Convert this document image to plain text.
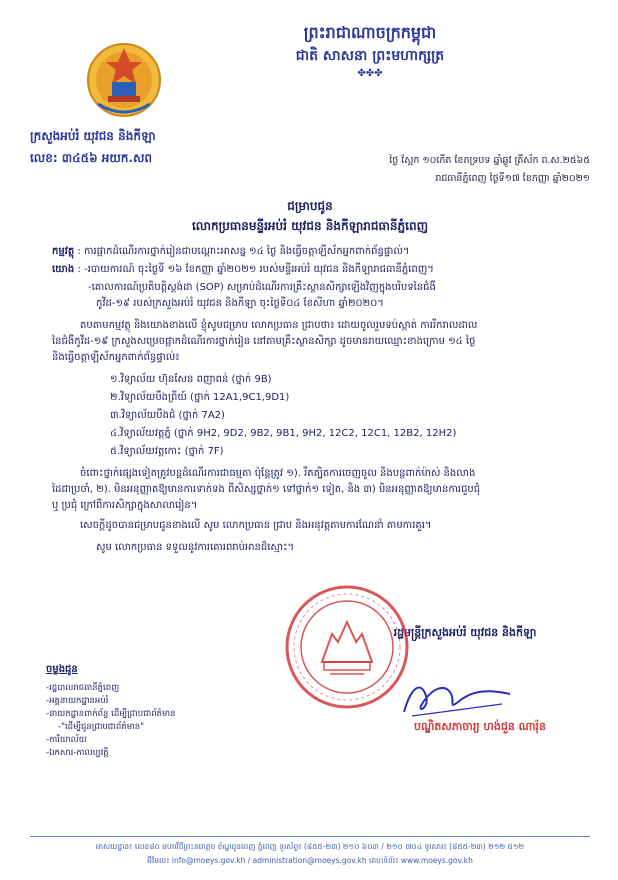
ព្រះរាជាណាចក្រកម្ពុជា
ជាតិ សាសនា ព្រះមហាក្សត្រ
✤✤✤
ក្រសួងអប់រំ យុវជន និងកីឡា
លេខ: ៣៤៥៦ អយក.សព	ថ្ងៃ ស្អែក ១០កើត ខែភទ្របទ ឆ្នាំឆ្លូវ ត្រីស័ក ព.ស.២៥៦៥
រាជធានីភ្នំពេញ ថ្ងៃទី១៧ ខែកញ្ញា ឆ្នាំ២០២១
ជម្រាបជូន
លោកប្រធានមន្ទីរអប់រំ យុវជន និងកីឡារាជធានីភ្នំពេញ
កម្មវត្ថុ : ការផ្អាកដំណើរការថ្នាក់រៀនជាបណ្ដោះអាសន្ន ១៤ ថ្ងៃ និងធ្វើចត្តាឡីស័កអ្នកពាក់ព័ន្ធផ្ទាល់។
យោង : -របាយការណ៍ ចុះថ្ងៃទី ១៦ ខែកញ្ញា ឆ្នាំ២០២១ របស់មន្ទីរអប់រំ យុវជន និងកីឡារាជធានីភ្នំពេញ។
-គោលការណ៍ប្រតិបត្តិស្តង់ដា (SOP) សម្រាប់ដំណើរការគ្រឹះស្ថានសិក្សាឡើងវិញក្នុងបរិបទនៃជំងឺ
កូវីដ-១៩ របស់ក្រសួងអប់រំ យុវជន និងកីឡា ចុះថ្ងៃទី០៤ ខែសីហា ឆ្នាំ២០២០។
តបតាមកម្មវត្ថុ និងយោងខាងលើ ខ្ញុំសូមជម្រាប លោកប្រធាន ជ្រាបថា៖ ដោយចូលរួមទប់ស្កាត់ ការរីករាលដាល
នៃជំងឺកូវីដ-១៩ ក្រសួងសម្រេចផ្អាកដំណើរការថ្នាក់រៀន នៅតាមគ្រឹះស្ថានសិក្សា ដូចមានរាយឈ្មោះខាងក្រោម ១៤ ថ្ងៃ
និងធ្វើចត្តាឡីស័កអ្នកពាក់ព័ន្ធផ្ទាល់៖
១.វិទ្យាល័យ ហ៊ុនសែន ពញាពន់ (ថ្នាក់ 9B)
២.វិទ្យាល័យបឹងព្រីយ៍ (ថ្នាក់ 12A1,9C1,9D1)
៣.វិទ្យាល័យបឹងជំ (ថ្នាក់ 7A2)
៤.វិទ្យាល័យវត្តភ្នំ (ថ្នាក់ 9H2, 9D2, 9B2, 9B1, 9H2, 12C2, 12C1, 12B2, 12H2)
៥.វិទ្យាល័យវត្តកោះ (ថ្នាក់ 7F)
ចំពោះថ្នាក់ផ្សេងទៀតត្រូវបន្តដំណើរការជាធម្មតា ប៉ុន្តែត្រូវ ១). រឹតត្បិតការចេញចូល និងបន្តពាក់ម៉ាស់ និងលាង
ដៃជាប្រចាំ, ២). មិនអនុញ្ញាតឱ្យមានការទាក់ទង ពីសិស្សថ្នាក់១ ទៅថ្នាក់១ ទៀត, និង ៣) មិនអនុញ្ញាតឱ្យមានការជួបជុំ
ឬ ប្រជុំ ក្រៅពីការសិក្សាក្នុងសាលារៀន។
សេចក្ដីដូចបានជម្រាបជូនខាងលើ សូម លោកប្រធាន ជ្រាប និងអនុវត្តតាមការណែនាំ តាមការគួរ។
សូម លោកប្រធាន ទទួលនូវការគោរពរាប់អានដ៏ស្មោះ។
រដ្ឋមន្ត្រីក្រសួងអប់រំ យុវជន និងកីឡា
បណ្ឌិតសភាចារ្យ ហង់ជួន ណារ៉ុន
ចម្លងជូន
-រដ្ឋបាលរាជធានីភ្នំពេញ
-អគ្គនាយកដ្ឋានអប់រំ
-នាយកដ្ឋានពាក់ព័ន្ធ ដើម្បីជ្រាបជាព័ត៌មាន
-"ដើម្បីជូនជ្រាបជាព័ត៌មាន"
-ការិយាល័យ
-ឯកសារ-កាលប្បវត្តិ
អាសយដ្ឋាន៖ លេខ៨០ មហាវិថីព្រះនរោត្តម ខ័ណ្ឌដូនពេញ ភ្នំពេញ ទូរស័ព្ទ៖ (៨៥៥-២៣) ២១០ ៦០៣ / ២១០ ៧០៤ ទូរសារ៖ (៨៥៥-២៣) ២១២ ៥១២
អ៊ីមែល៖ info@moeys.gov.kh / administration@moeys.gov.kh គេហទំព័រ៖ www.moeys.gov.kh
